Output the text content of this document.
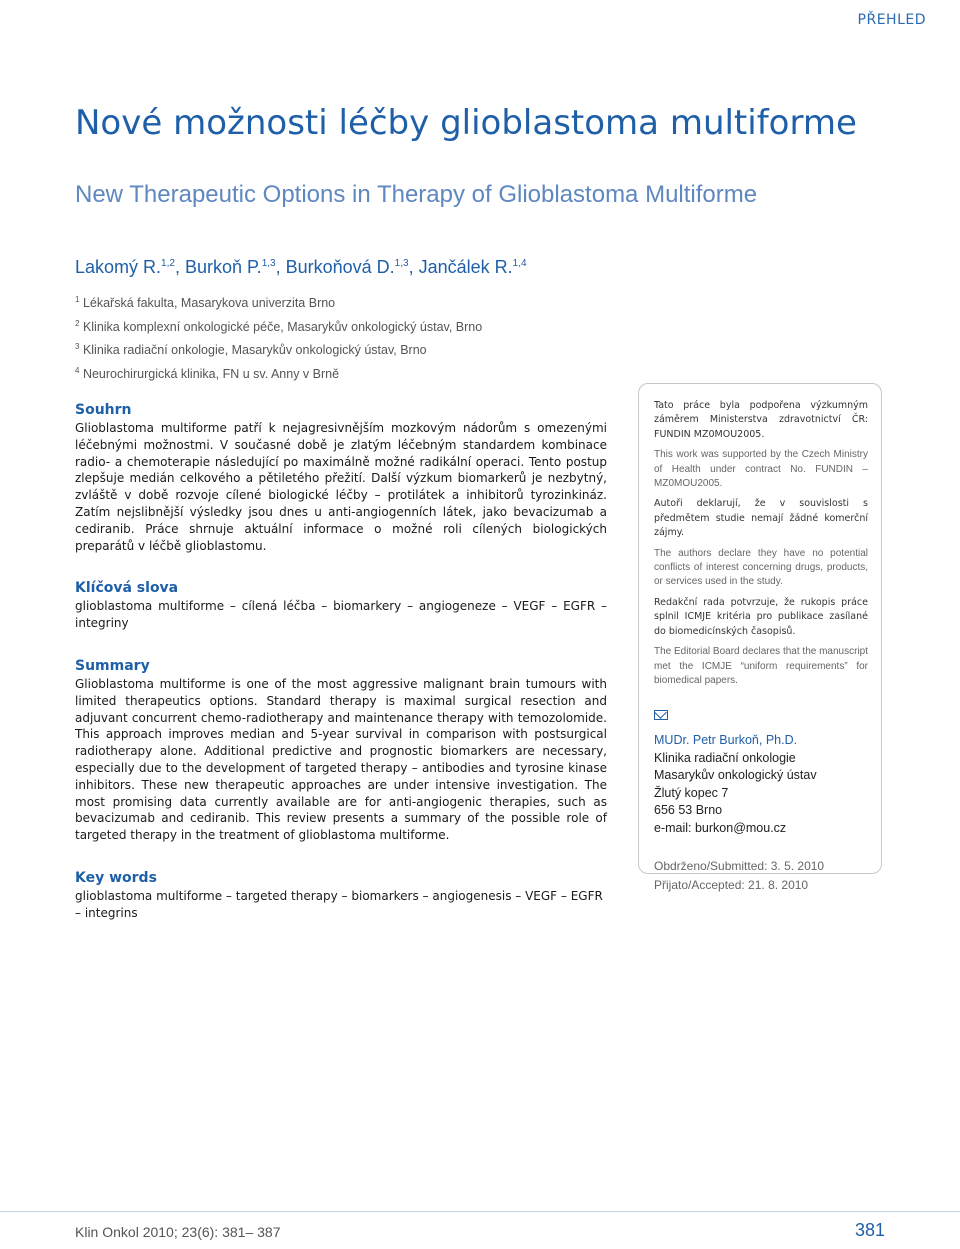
PŘEHLED
Nové možnosti léčby glioblastoma multiforme
New Therapeutic Options in Therapy of Glioblastoma Multiforme
Lakomý R.$^{1,2}$, Burkoň P.$^{1,3}$, Burkoňová D.$^{1,3}$, Jančálek R.$^{1,4}$
$^1$ Lékařská fakulta, Masarykova univerzita Brno
$^2$ Klinika komplexní onkologické péče, Masarykův onkologický ústav, Brno
$^3$ Klinika radiační onkologie, Masarykův onkologický ústav, Brno
$^4$ Neurochirurgická klinika, FN u sv. Anny v Brně
Souhrn

Glioblastoma multiforme patří k nejagresivnějším mozkovým nádorům s omezenými léčebnými možnostmi. V současné době je zlatým léčebným standardem kombinace radio- a chemoterapie následující po maximálně možné radikální operaci. Tento postup zlepšuje medián celkového a pětiletého přežití. Další výzkum biomarkerů je nezbytný, zvláště v době rozvoje cílené biologické léčby – protilátek a inhibitorů tyrozinkináz. Zatím nejslibnější výsledky jsou dnes u anti-angiogenních látek, jako bevacizumab a cediranib. Práce shrnuje aktuální informace o možné roli cílených biologických preparátů v léčbě glioblastomu.

Klíčová slova

glioblastoma multiforme – cílená léčba – biomarkery – angiogeneze – VEGF – EGFR – integriny

Summary

Glioblastoma multiforme is one of the most aggressive malignant brain tumours with limited therapeutics options. Standard therapy is maximal surgical resection and adjuvant concurrent chemo-radiotherapy and maintenance therapy with temozolomide. This approach improves median and 5-year survival in comparison with postsurgical radiotherapy alone. Additional predictive and prognostic biomarkers are necessary, especially due to the development of targeted therapy – antibodies and tyrosine kinase inhibitors. These new therapeutic approaches are under intensive investigation. The most promising data currently available are for anti-angiogenic therapies, such as bevacizumab and cediranib. This review presents a summary of the possible role of targeted therapy in the treatment of glioblastoma multiforme.

Key words

glioblastoma multiforme – targeted therapy – biomarkers – angiogenesis – VEGF – EGFR – integrins

Tato práce byla podpořena výzkumným záměrem Ministerstva zdravotnictví ČR: FUNDIN MZ0MOU2005.

This work was supported by the Czech Ministry of Health under contract No. FUNDIN – MZ0MOU2005.

Autoři deklarují, že v souvislosti s předmětem studie nemají žádné komerční zájmy.

The authors declare they have no potential conflicts of interest concerning drugs, products, or services used in the study.

Redakční rada potvrzuje, že rukopis práce splnil ICMJE kritéria pro publikace zasílané do biomedicínských časopisů.

The Editorial Board declares that the manuscript met the ICMJE “uniform requirements” for biomedical papers.

MUDr. Petr Burkoň, Ph.D.
Klinika radiační onkologie
Masarykův onkologický ústav
Žlutý kopec 7
656 53 Brno
e-mail: burkon@mou.cz
Obdrženo/Submitted: 3. 5. 2010
Přijato/Accepted: 21. 8. 2010
Klin Onkol 2010; 23(6): 381– 387	381
